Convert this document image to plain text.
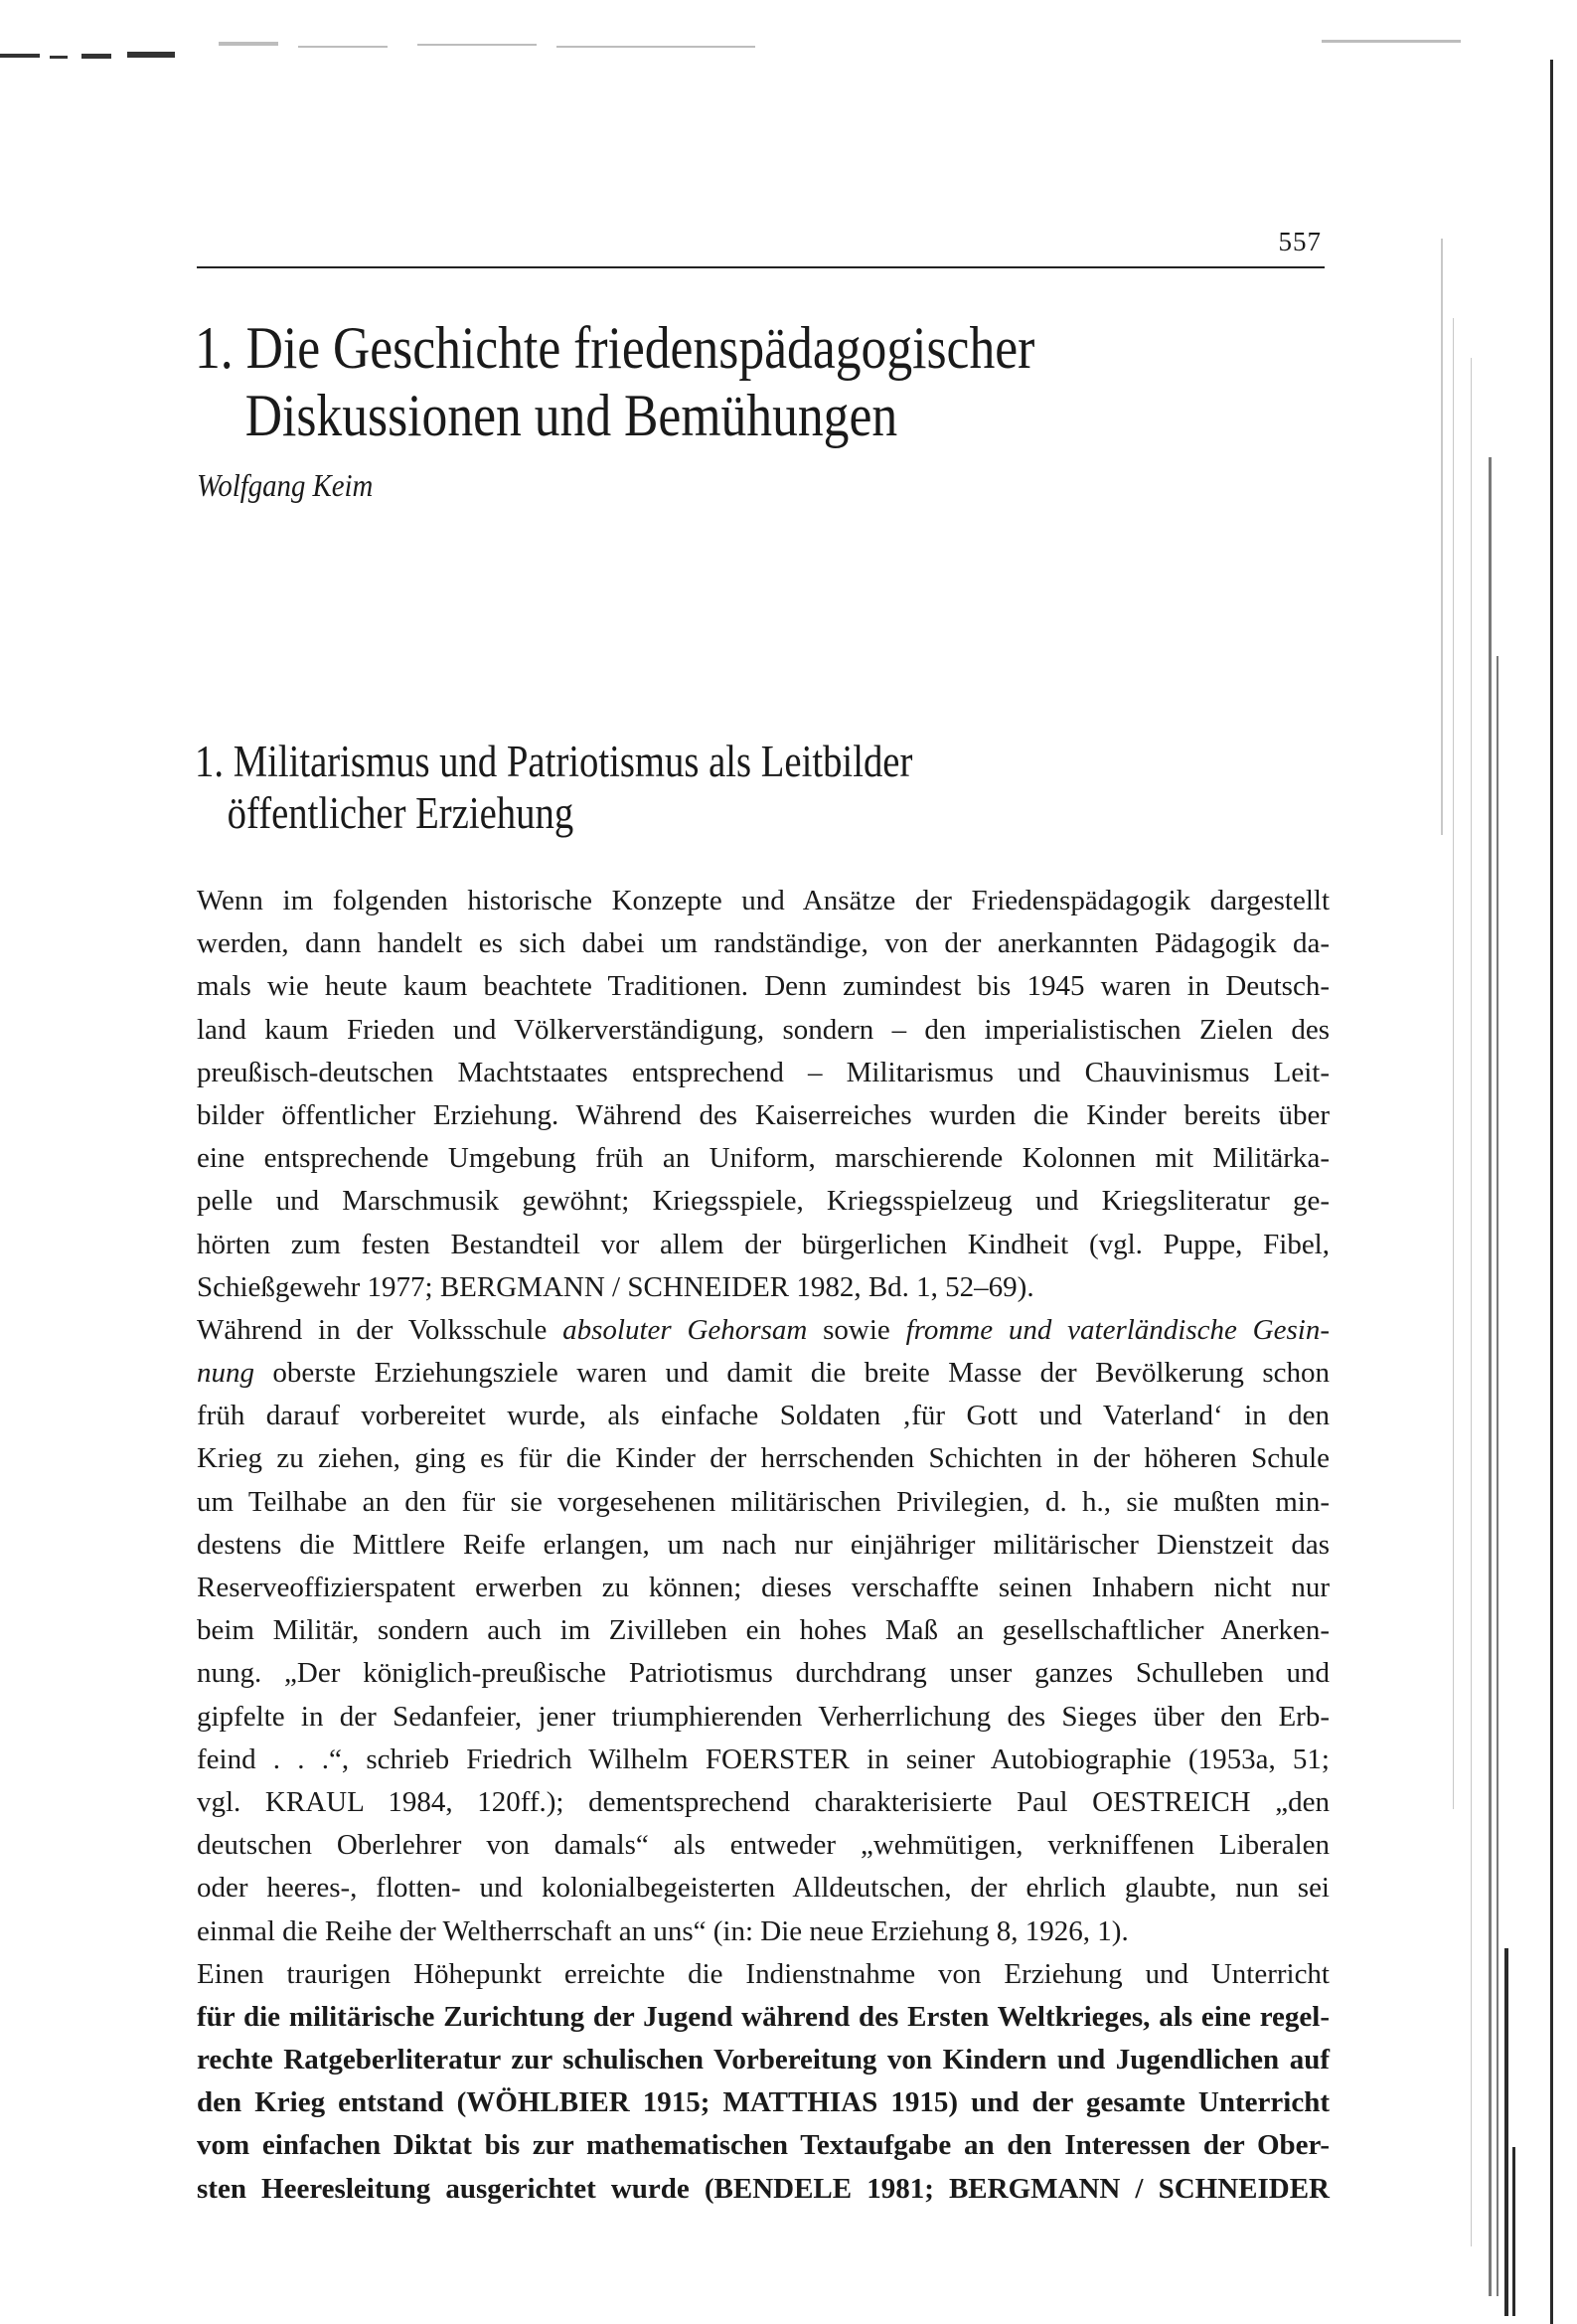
557
1. Die Geschichte friedenspädagogischer
Diskussionen und Bemühungen
Wolfgang Keim
1. Militarismus und Patriotismus als Leitbilder
öffentlicher Erziehung
Wenn im folgenden historische Konzepte und Ansätze der Friedenspädagogik dargestellt
werden, dann handelt es sich dabei um randständige, von der anerkannten Pädagogik da-
mals wie heute kaum beachtete Traditionen. Denn zumindest bis 1945 waren in Deutsch-
land kaum Frieden und Völkerverständigung, sondern – den imperialistischen Zielen des
preußisch-deutschen Machtstaates entsprechend – Militarismus und Chauvinismus Leit-
bilder öffentlicher Erziehung. Während des Kaiserreiches wurden die Kinder bereits über
eine entsprechende Umgebung früh an Uniform, marschierende Kolonnen mit Militärka-
pelle und Marschmusik gewöhnt; Kriegsspiele, Kriegsspielzeug und Kriegsliteratur ge-
hörten zum festen Bestandteil vor allem der bürgerlichen Kindheit (vgl. Puppe, Fibel,
Schießgewehr 1977; BERGMANN / SCHNEIDER 1982, Bd. 1, 52–69).
Während in der Volksschule absoluter Gehorsam sowie fromme und vaterländische Gesin-
nung oberste Erziehungsziele waren und damit die breite Masse der Bevölkerung schon
früh darauf vorbereitet wurde, als einfache Soldaten ‚für Gott und Vaterland‘ in den
Krieg zu ziehen, ging es für die Kinder der herrschenden Schichten in der höheren Schule
um Teilhabe an den für sie vorgesehenen militärischen Privilegien, d. h., sie mußten min-
destens die Mittlere Reife erlangen, um nach nur einjähriger militärischer Dienstzeit das
Reserveoffizierspatent erwerben zu können; dieses verschaffte seinen Inhabern nicht nur
beim Militär, sondern auch im Zivilleben ein hohes Maß an gesellschaftlicher Anerken-
nung. „Der königlich-preußische Patriotismus durchdrang unser ganzes Schulleben und
gipfelte in der Sedanfeier, jener triumphierenden Verherrlichung des Sieges über den Erb-
feind . . .“, schrieb Friedrich Wilhelm FOERSTER in seiner Autobiographie (1953a, 51;
vgl. KRAUL 1984, 120ff.); dementsprechend charakterisierte Paul OESTREICH „den
deutschen Oberlehrer von damals“ als entweder „wehmütigen, verkniffenen Liberalen
oder heeres-, flotten- und kolonialbegeisterten Alldeutschen, der ehrlich glaubte, nun sei
einmal die Reihe der Weltherrschaft an uns“ (in: Die neue Erziehung 8, 1926, 1).
Einen traurigen Höhepunkt erreichte die Indienstnahme von Erziehung und Unterricht
für die militärische Zurichtung der Jugend während des Ersten Weltkrieges, als eine regel-
rechte Ratgeberliteratur zur schulischen Vorbereitung von Kindern und Jugendlichen auf
den Krieg entstand (WÖHLBIER 1915; MATTHIAS 1915) und der gesamte Unterricht
vom einfachen Diktat bis zur mathematischen Textaufgabe an den Interessen der Ober-
sten Heeresleitung ausgerichtet wurde (BENDELE 1981; BERGMANN / SCHNEIDER
